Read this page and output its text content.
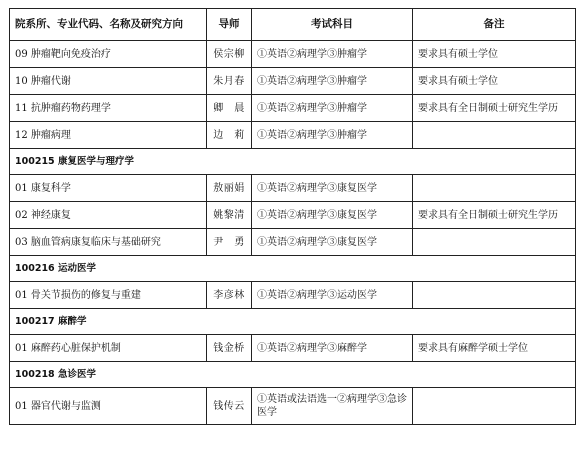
院系所、专业代码、名称及研究方向	导师	考试科目	备注
09 肿瘤靶向免疫治疗	侯宗柳	①英语②病理学③肿瘤学	要求具有硕士学位
10 肿瘤代谢	朱月春	①英语②病理学③肿瘤学	要求具有硕士学位
11 抗肿瘤药物药理学	卿　晨	①英语②病理学③肿瘤学	要求具有全日制硕士研究生学历
12 肿瘤病理	边　莉	①英语②病理学③肿瘤学	
100215 康复医学与理疗学			
01 康复科学	敖丽娟	①英语②病理学③康复医学	
02 神经康复	姚黎清	①英语②病理学③康复医学	要求具有全日制硕士研究生学历
03 脑血管病康复临床与基础研究	尹　勇	①英语②病理学③康复医学	
100216 运动医学			
01 骨关节损伤的修复与重建	李彦林	①英语②病理学③运动医学	
100217 麻醉学			
01 麻醉药心脏保护机制	钱金桥	①英语②病理学③麻醉学	要求具有麻醉学硕士学位
100218 急诊医学			
01 器官代谢与监测	钱传云	①英语或法语选一②病理学③急诊医学	
